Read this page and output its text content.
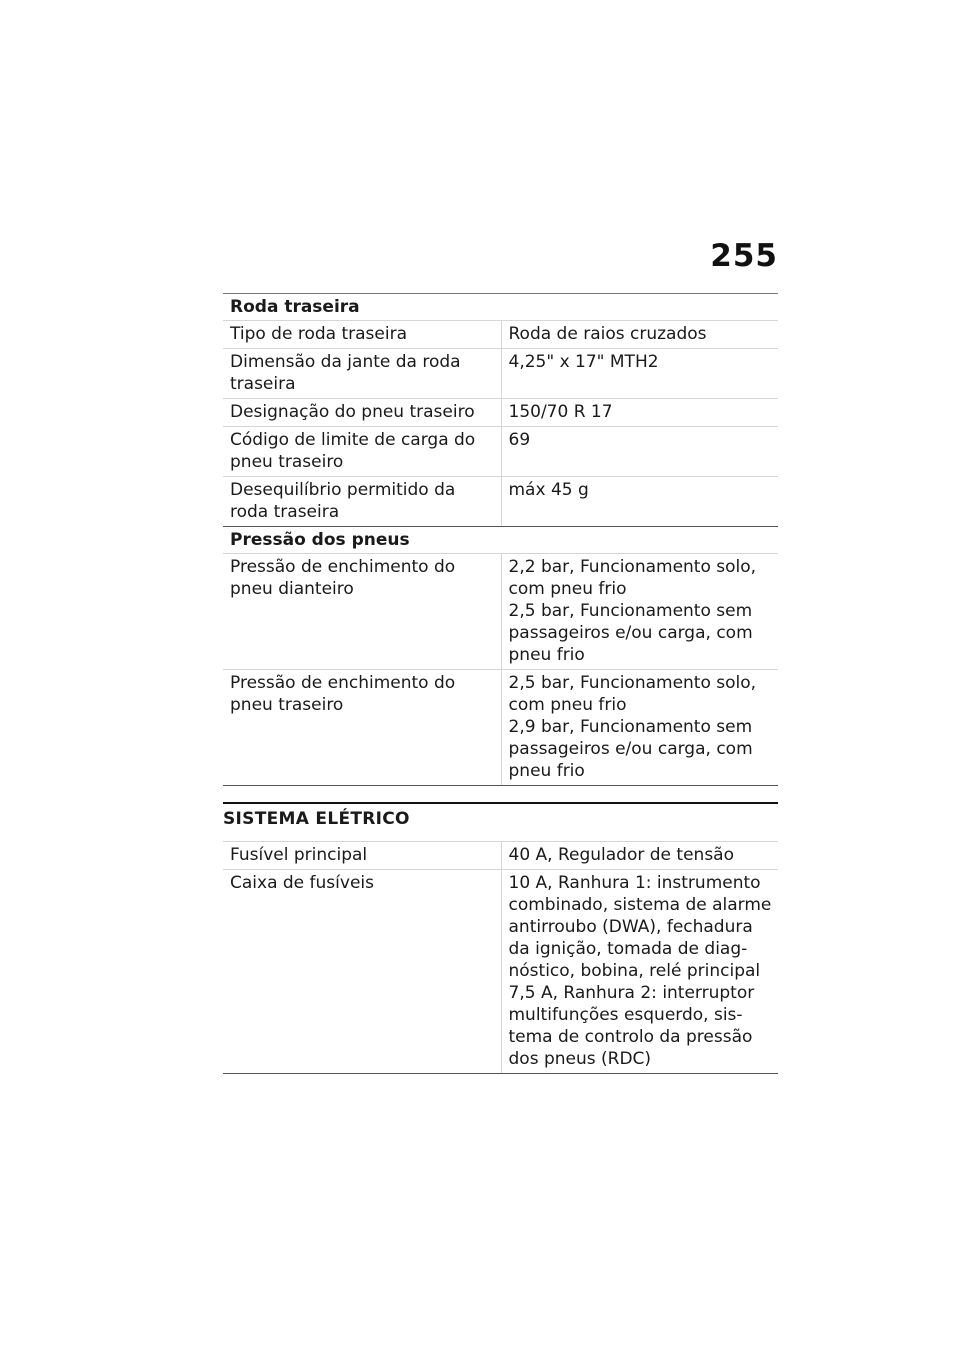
255
Roda traseira	
Tipo de roda traseira	Roda de raios cruzados

Dimensão da jante da roda traseira	4,25" x 17" MTH2

Designação do pneu traseiro	150/70 R 17

Código de limite de carga do pneu traseiro	69

Desequilíbrio permitido da roda traseira	máx 45 g

Pressão dos pneus	
Pressão de enchimento do pneu dianteiro	2,2 bar, Funcionamento solo, com pneu frio
2,5 bar, Funcionamento sem passageiros e/ou carga, com pneu frio

Pressão de enchimento do pneu traseiro	2,5 bar, Funcionamento solo, com pneu frio
2,9 bar, Funcionamento sem passageiros e/ou carga, com pneu frio
SISTEMA ELÉTRICO
Fusível principal	40 A, Regulador de tensão

Caixa de fusíveis	10 A, Ranhura 1: instrumento combinado, sistema de alarme antirroubo (DWA), fechadura da ignição, tomada de diag-nóstico, bobina, relé principal
7,5 A, Ranhura 2: interruptor multifunções esquerdo, sis-tema de controlo da pressão dos pneus (RDC)
